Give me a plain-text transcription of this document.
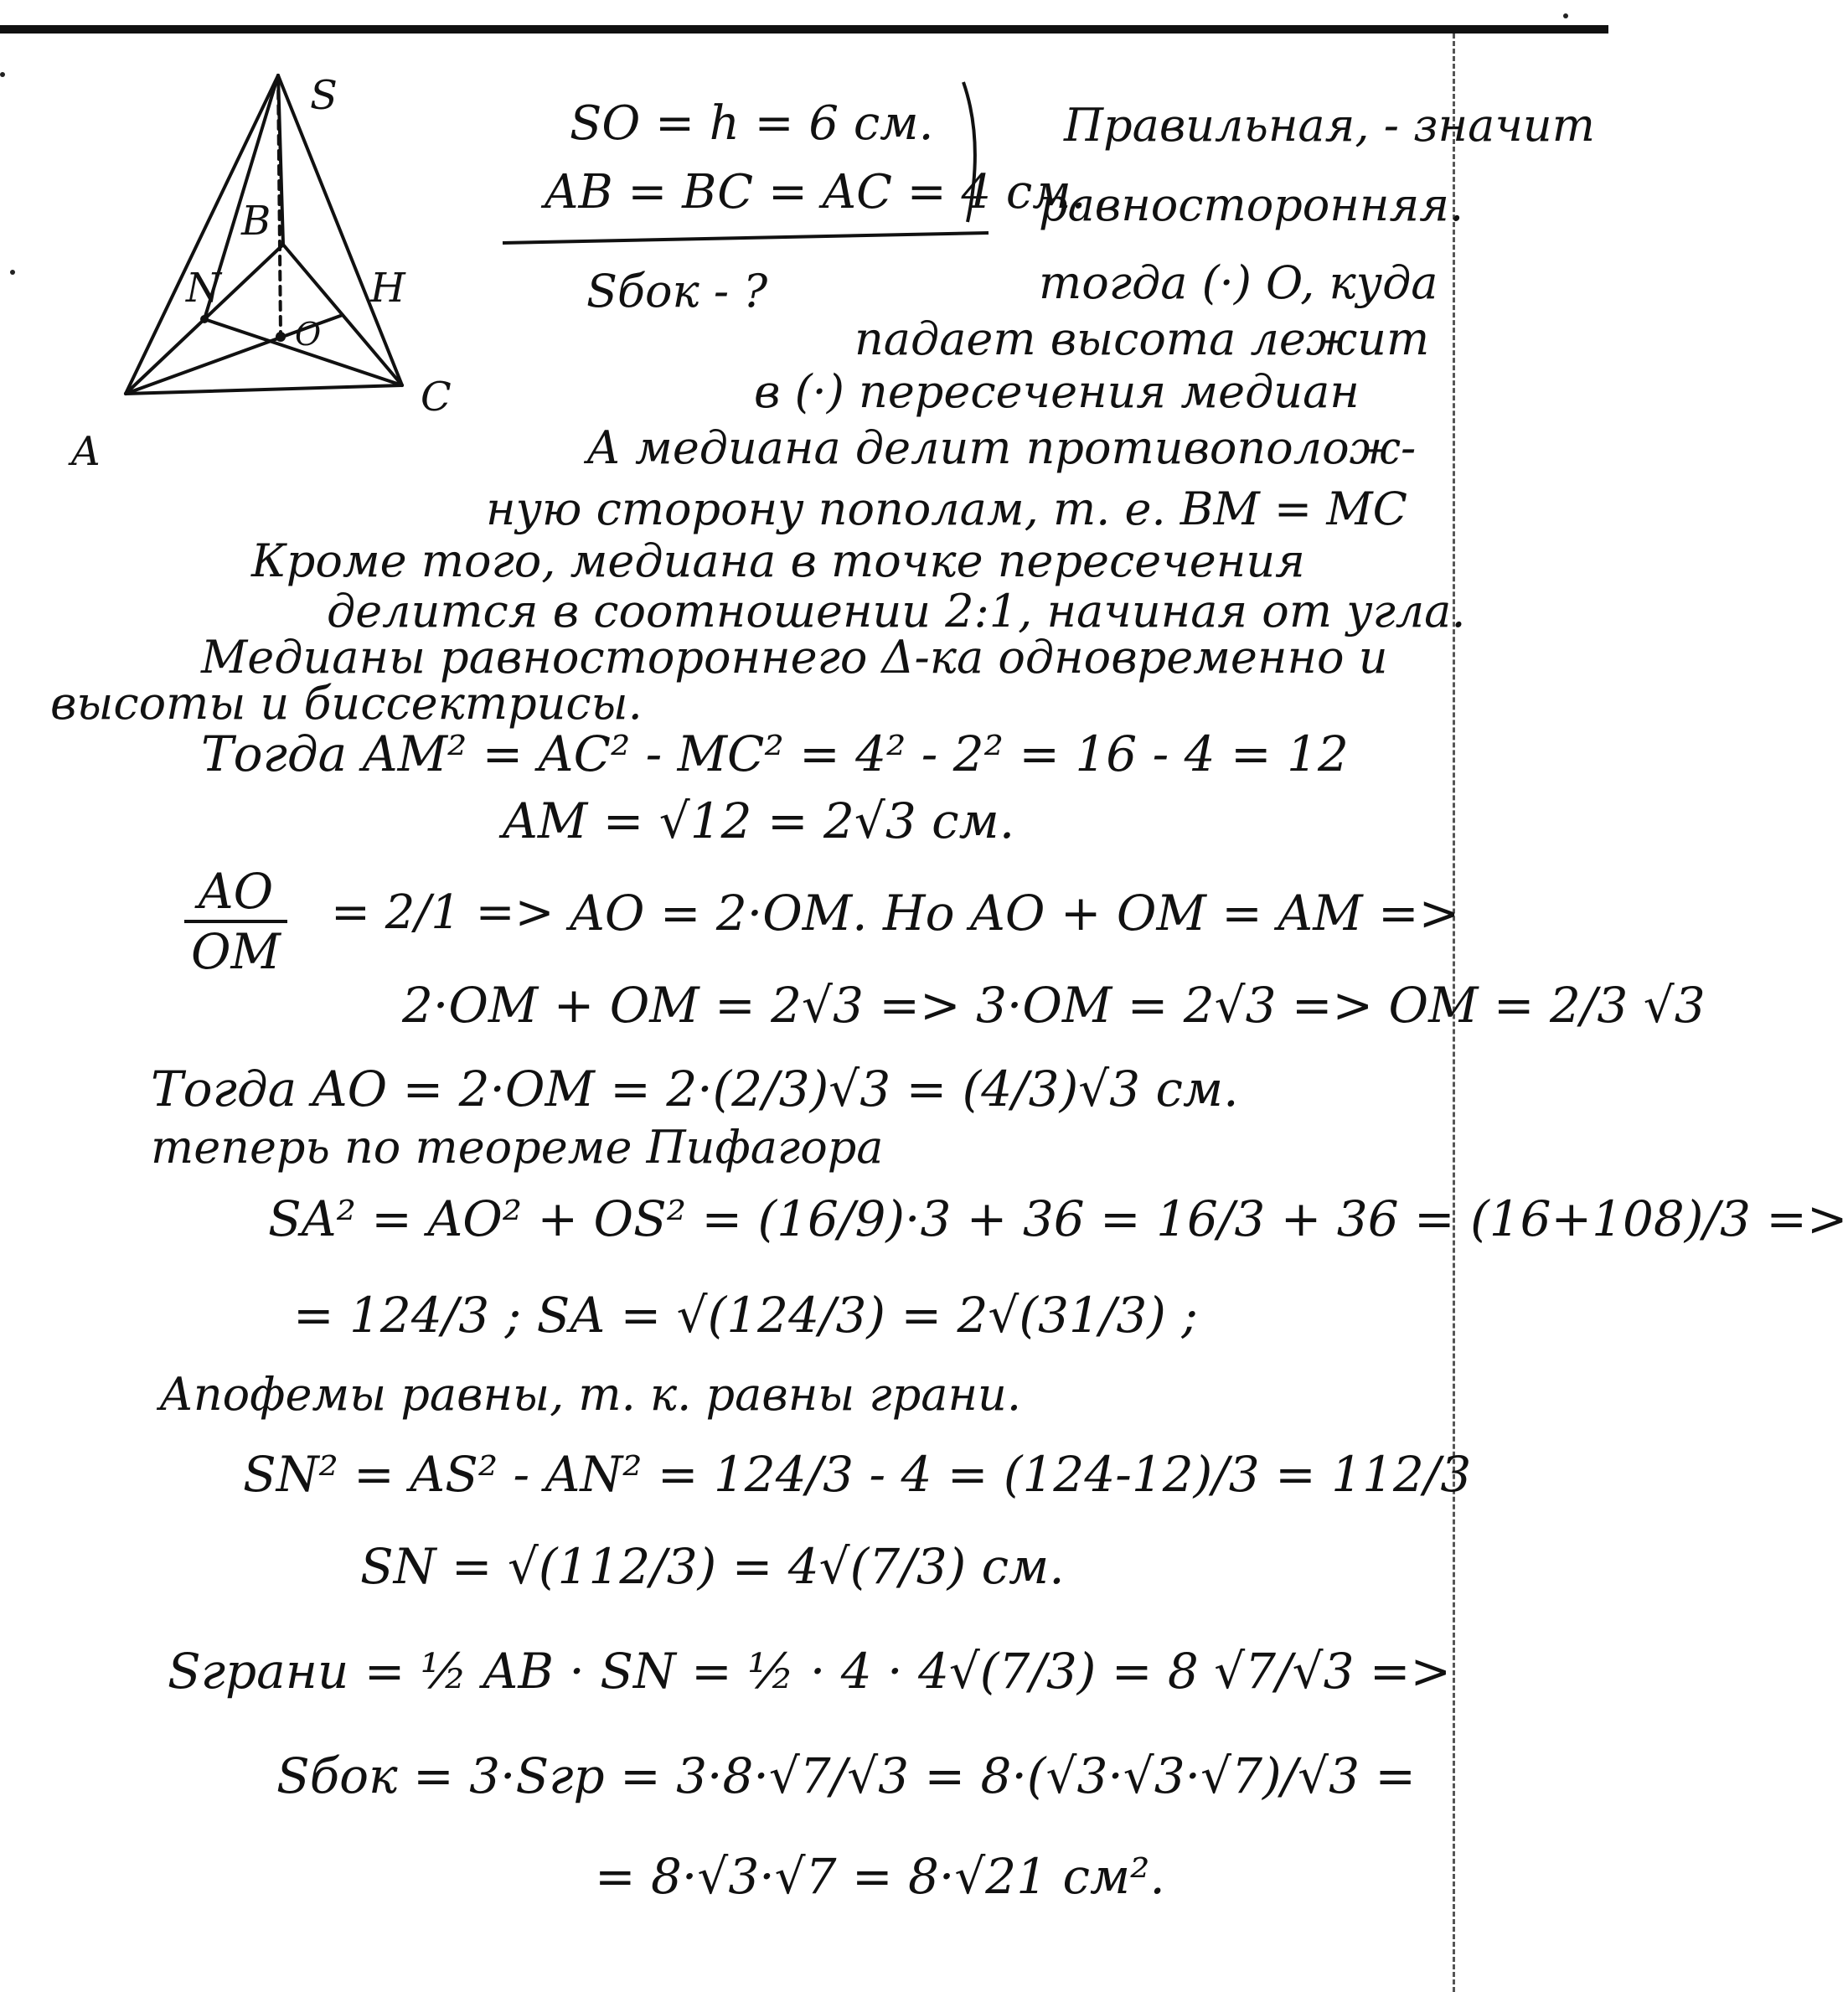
S
B
N	H
O
A
C
SO = h = 6 см.
AB = BC = AC = 4 см.
Sбок - ?
Правильная, - значит
равносторонняя.
тогда (·) O, куда
падает высота лежит
в (·) пересечения медиан
А медиана делит противополож-
ную сторону пополам, т. е. BM = MC
Кроме того, медиана в точке пересечения
делится в соотношении 2:1, начиная от угла.
Медианы равностороннего Δ-ка одновременно и
высоты и биссектрисы.
Тогда AM² = AC² - MC² = 4² - 2² = 16 - 4 = 12
AM = √12 = 2√3 см.
$\frac{AO}{OM} = 2/1$ => AO = 2·OM. Но AO + OM = AM =>
2·OM + OM = 2√3 => 3·OM = 2√3 => OM = 2/3 √3
Тогда AO = 2·OM = 2·(2/3)√3 = (4/3)√3 см.
теперь по теореме Пифагора
SA² = AO² + OS² = (16/9)·3 + 36 = 16/3 + 36 = (16+108)/3 =>
= 124/3 ; SA = √(124/3) = 2√(31/3) ;
Апофемы равны, т. к. равны грани.
SN² = AS² - AN² = 124/3 - 4 = (124-12)/3 = 112/3
SN = √(112/3) = 4√(7/3) см.
Sграни = ½ AB · SN = ½ · 4 · 4√(7/3) = 8 √7/√3 =>
Sбок = 3·Sгр = 3·8·√7/√3 = 8·(√3·√3·√7)/√3 =
= 8·√3·√7 = 8·√21 см².
